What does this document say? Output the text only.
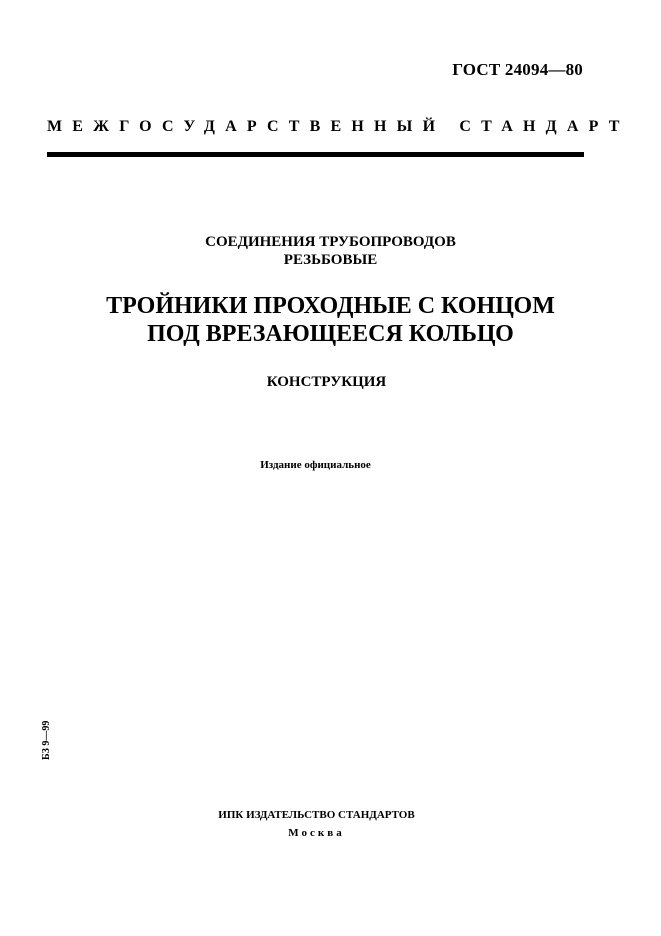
ГОСТ 24094—80
МЕЖГОСУДАРСТВЕННЫЙ СТАНДАРТ
СОЕДИНЕНИЯ ТРУБОПРОВОДОВ
РЕЗЬБОВЫЕ
ТРОЙНИКИ ПРОХОДНЫЕ С КОНЦОМ
ПОД ВРЕЗАЮЩЕЕСЯ КОЛЬЦО
КОНСТРУКЦИЯ
Издание официальное
БЗ 9—99
ИПК ИЗДАТЕЛЬСТВО СТАНДАРТОВ
Москва
